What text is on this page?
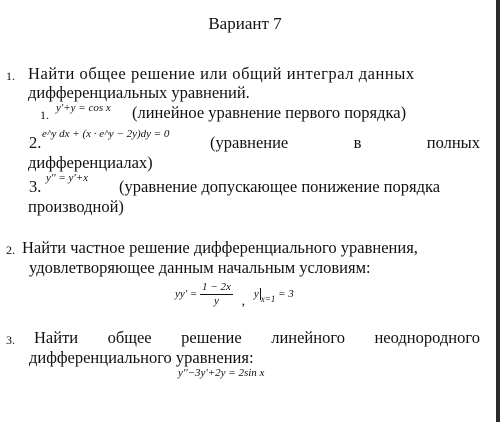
Вариант 7
1. Найти общее решение или общий интеграл данных
дифференциальных уравнений.
1. y'+y = cos x (линейное уравнение первого порядка)
2. e^y dx + (x · e^y − 2y)dy = 0 (уравнение	в	полных
дифференциалах)
3. y'' = y'+x (уравнение допускающее понижение порядка
производной)
2. Найти частное решение дифференциального уравнения,
удовлетворяющее данным начальным условиям:
$yy' = \frac{1 - 2x}{y}$ , y $_{x=1}$ = 3
3. Найти общее решение линейного неоднородного
дифференциального уравнения:
y''−3y'+2y = 2sin x
